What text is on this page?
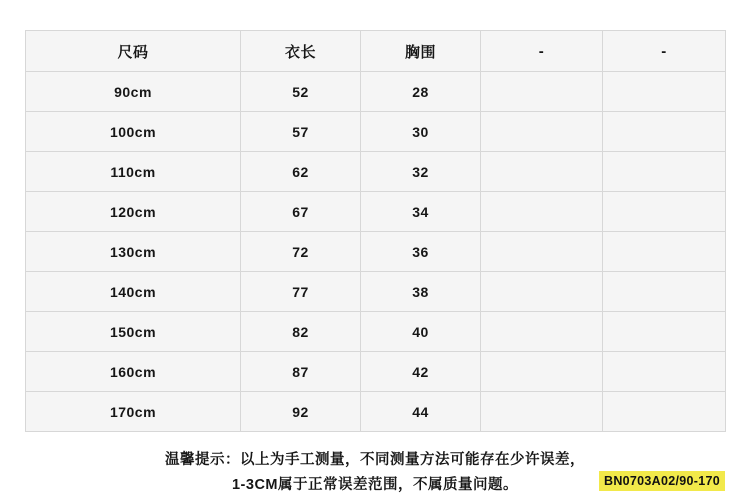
尺码	衣长	胸围	-	-
90cm	52	28		
100cm	57	30		
110cm	62	32		
120cm	67	34		
130cm	72	36		
140cm	77	38		
150cm	82	40		
160cm	87	42		
170cm	92	44		
温馨提示：以上为手工测量，不同测量方法可能存在少许误差，
1-3CM属于正常误差范围，不属质量问题。	BN0703A02/90-170
